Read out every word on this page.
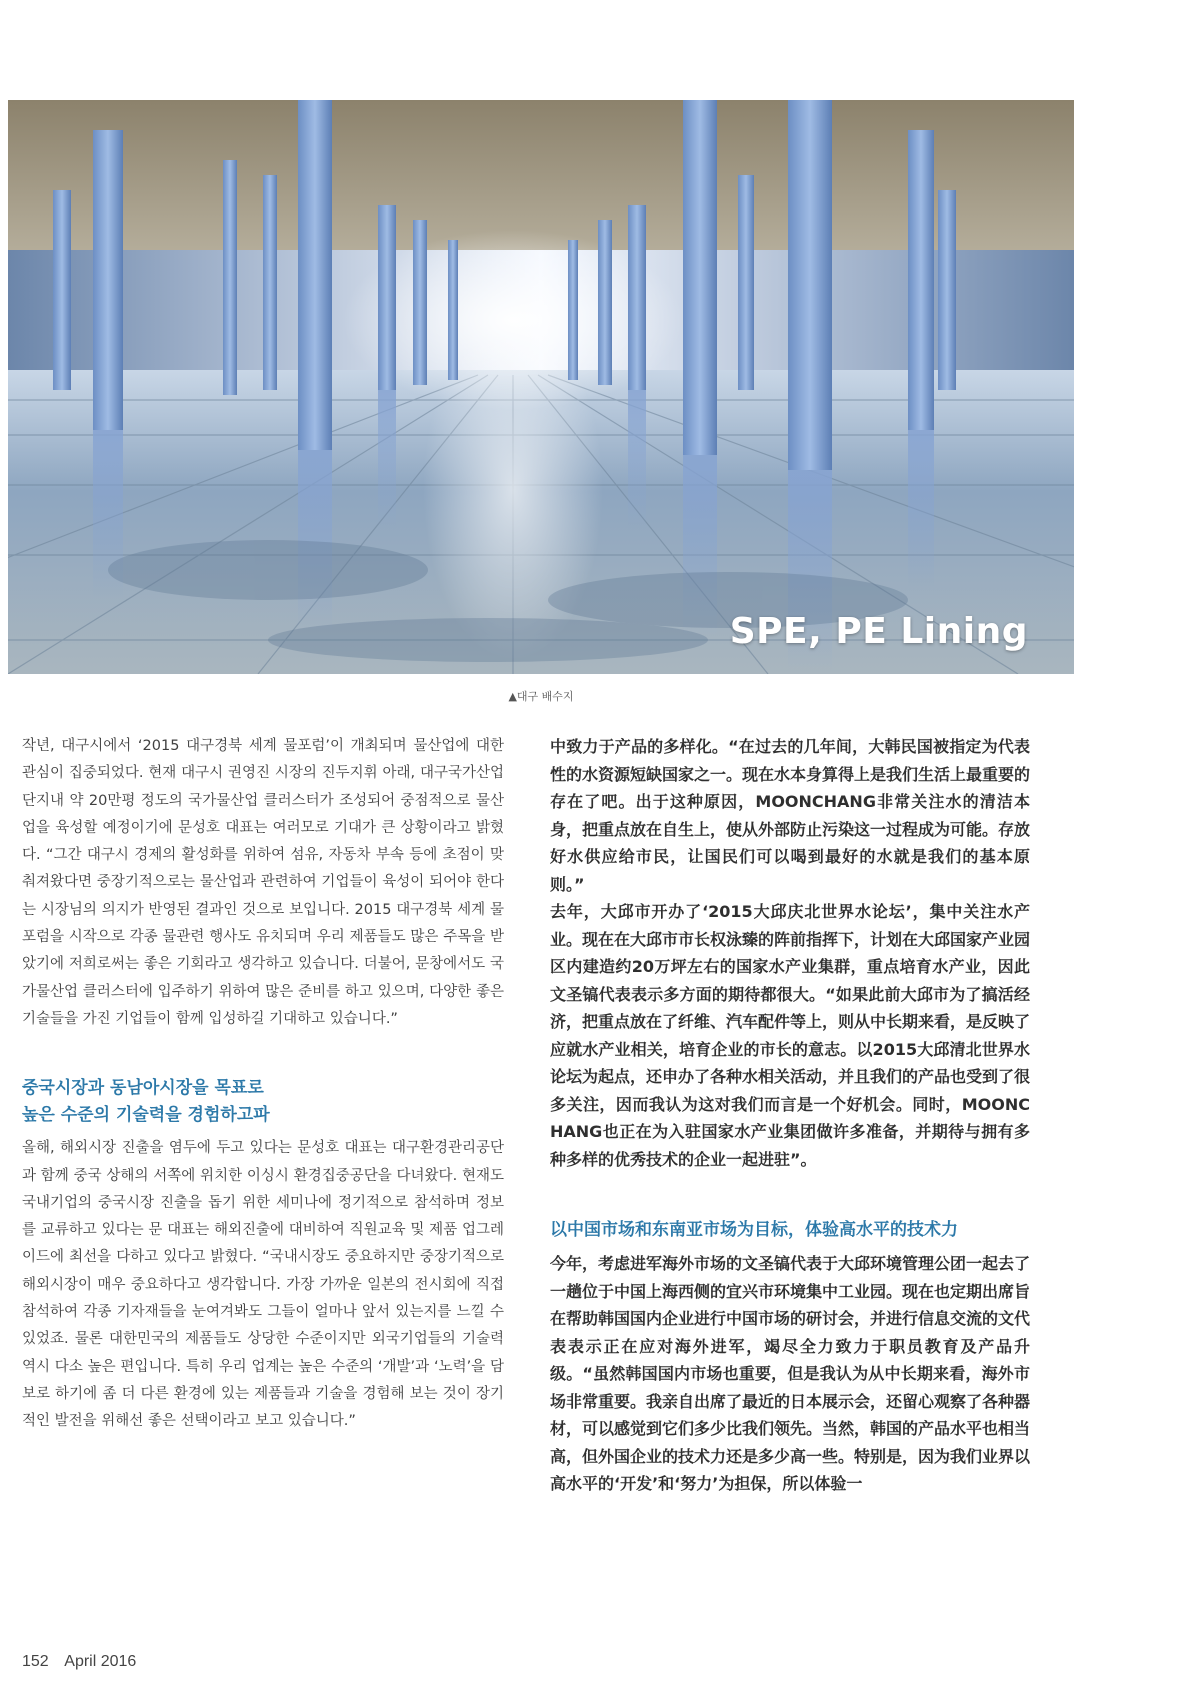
SPE, PE Lining
▲대구 배수지

작년, 대구시에서 ‘2015 대구경북 세계 물포럼’이 개최되며 물산업에 대한 관심이 집중되었다. 현재 대구시 권영진 시장의 진두지휘 아래, 대구국가산업단지내 약 20만평 정도의 국가물산업 클러스터가 조성되어 중점적으로 물산업을 육성할 예정이기에 문성호 대표는 여러모로 기대가 큰 상황이라고 밝혔다. “그간 대구시 경제의 활성화를 위하여 섬유, 자동차 부속 등에 초점이 맞춰져왔다면 중장기적으로는 물산업과 관련하여 기업들이 육성이 되어야 한다는 시장님의 의지가 반영된 결과인 것으로 보입니다. 2015 대구경북 세계 물포럼을 시작으로 각종 물관련 행사도 유치되며 우리 제품들도 많은 주목을 받았기에 저희로써는 좋은 기회라고 생각하고 있습니다. 더불어, 문창에서도 국가물산업 클러스터에 입주하기 위하여 많은 준비를 하고 있으며, 다양한 좋은 기술들을 가진 기업들이 함께 입성하길 기대하고 있습니다.”

중국시장과 동남아시장을 목표로
높은 수준의 기술력을 경험하고파

올해, 해외시장 진출을 염두에 두고 있다는 문성호 대표는 대구환경관리공단과 함께 중국 상해의 서쪽에 위치한 이싱시 환경집중공단을 다녀왔다. 현재도 국내기업의 중국시장 진출을 돕기 위한 세미나에 정기적으로 참석하며 정보를 교류하고 있다는 문 대표는 해외진출에 대비하여 직원교육 및 제품 업그레이드에 최선을 다하고 있다고 밝혔다. “국내시장도 중요하지만 중장기적으로 해외시장이 매우 중요하다고 생각합니다. 가장 가까운 일본의 전시회에 직접 참석하여 각종 기자재들을 눈여겨봐도 그들이 얼마나 앞서 있는지를 느낄 수 있었죠. 물론 대한민국의 제품들도 상당한 수준이지만 외국기업들의 기술력 역시 다소 높은 편입니다. 특히 우리 업계는 높은 수준의 ‘개발’과 ‘노력’을 담보로 하기에 좀 더 다른 환경에 있는 제품들과 기술을 경험해 보는 것이 장기적인 발전을 위해선 좋은 선택이라고 보고 있습니다.”

中致力于产品的多样化。“在过去的几年间，大韩民国被指定为代表性的水资源短缺国家之一。现在水本身算得上是我们生活上最重要的存在了吧。出于这种原因，MOONCHANG非常关注水的清洁本身，把重点放在自生上，使从外部防止污染这一过程成为可能。存放好水供应给市民，让国民们可以喝到最好的水就是我们的基本原则。”

去年，大邱市开办了‘2015大邱庆北世界水论坛’，集中关注水产业。现在在大邱市市长权泳臻的阵前指挥下，计划在大邱国家产业园区内建造约20万坪左右的国家水产业集群，重点培育水产业，因此文圣镐代表表示多方面的期待都很大。“如果此前大邱市为了搞活经济，把重点放在了纤维、汽车配件等上，则从中长期来看，是反映了应就水产业相关，培育企业的市长的意志。以2015大邱清北世界水论坛为起点，还申办了各种水相关活动，并且我们的产品也受到了很多关注，因而我认为这对我们而言是一个好机会。同时，MOONCHANG也正在为入驻国家水产业集团做许多准备，并期待与拥有多种多样的优秀技术的企业一起进驻”。

以中国市场和东南亚市场为目标，体验高水平的技术力

今年，考虑进军海外市场的文圣镐代表于大邱环境管理公团一起去了一趟位于中国上海西侧的宜兴市环境集中工业园。现在也定期出席旨在帮助韩国国内企业进行中国市场的研讨会，并进行信息交流的文代表表示正在应对海外进军，竭尽全力致力于职员教育及产品升级。“虽然韩国国内市场也重要，但是我认为从中长期来看，海外市场非常重要。我亲自出席了最近的日本展示会，还留心观察了各种器材，可以感觉到它们多少比我们领先。当然，韩国的产品水平也相当高，但外国企业的技术力还是多少高一些。特别是，因为我们业界以高水平的‘开发’和‘努力’为担保，所以体验一

152 April 2016
